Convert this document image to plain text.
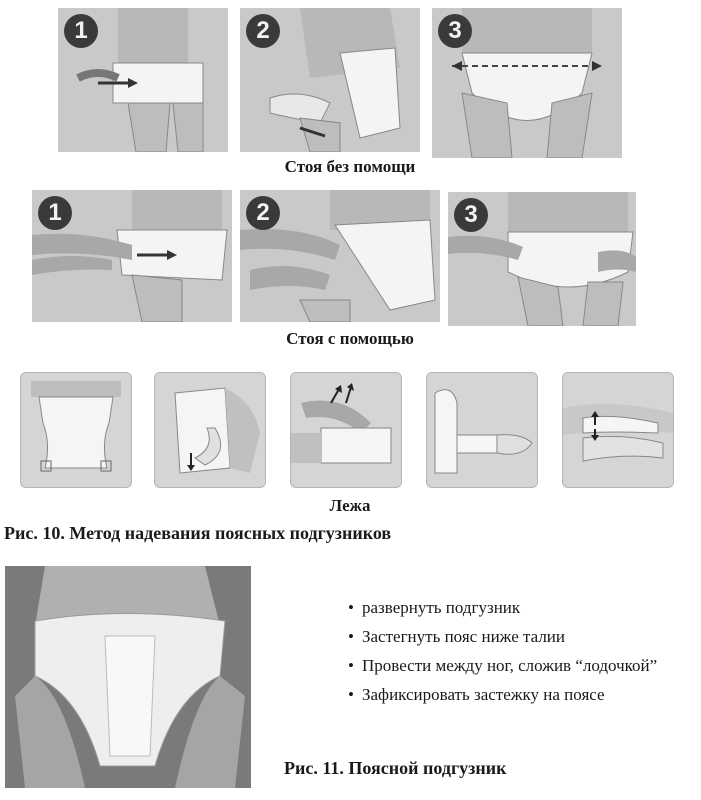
1	2	3
Стоя без помощи
1	2	3
Стоя с помощью
Лежа
Рис. 10. Метод надевания поясных подгузников
• развернуть подгузник
• Застегнуть пояс ниже талии
• Провести между ног, сложив “лодочкой”
• Зафиксировать застежку на поясе
Рис. 11. Поясной подгузник
